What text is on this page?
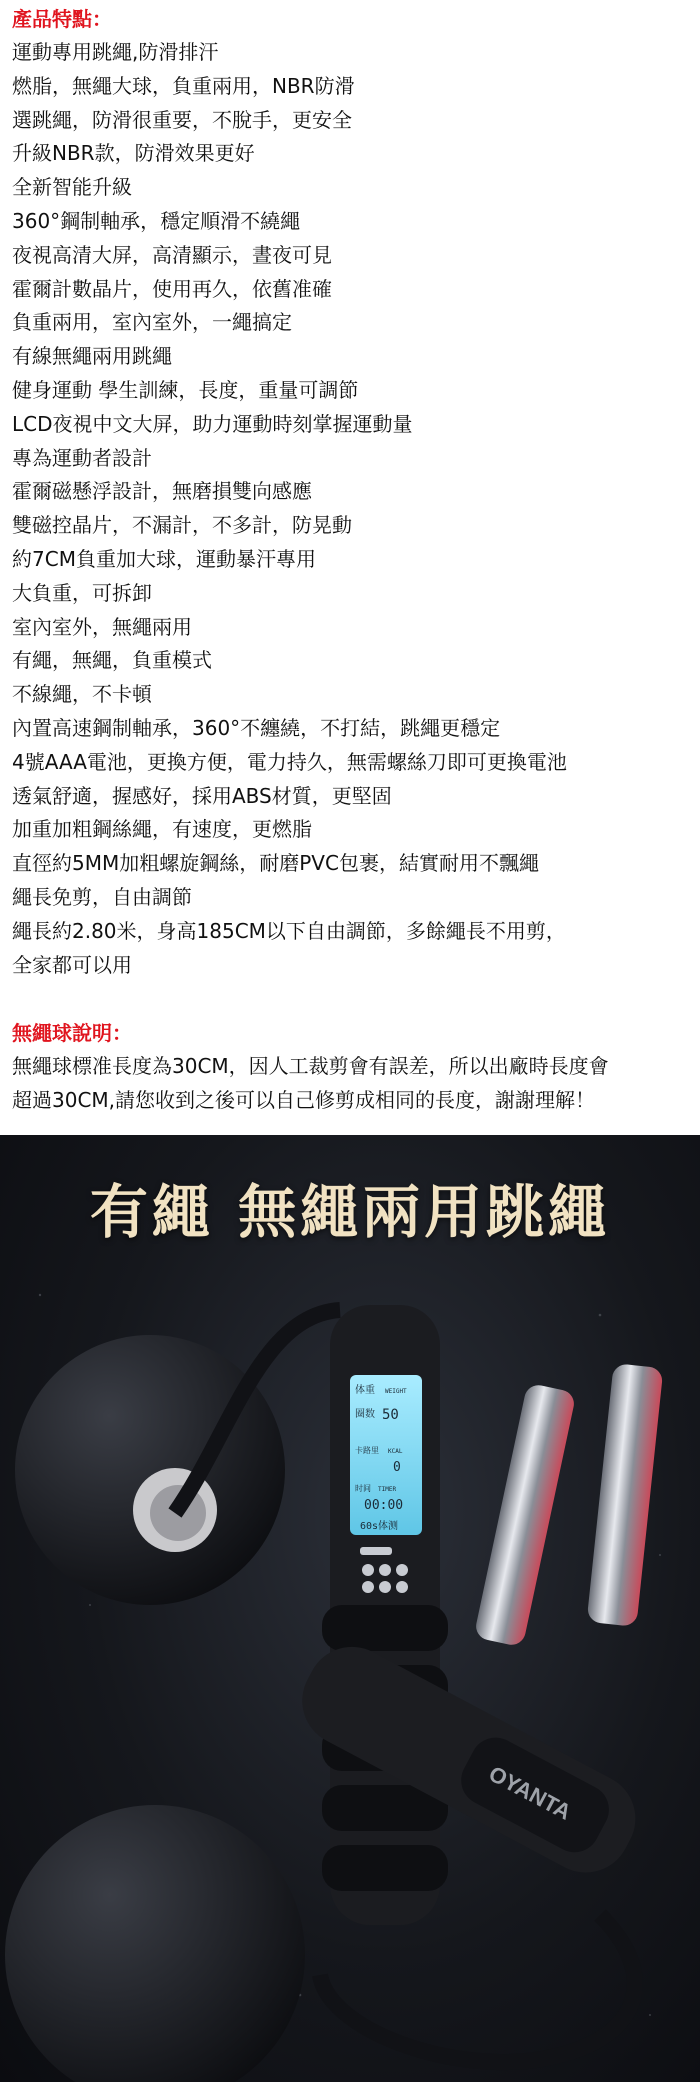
產品特點：
運動專用跳繩,防滑排汗
燃脂，無繩大球，負重兩用，NBR防滑
選跳繩，防滑很重要，不脫手，更安全
升級NBR款，防滑效果更好
全新智能升級
360°鋼制軸承，穩定順滑不繞繩
夜視高清大屏，高清顯示，晝夜可見
霍爾計數晶片，使用再久，依舊准確
負重兩用，室內室外，一繩搞定
有線無繩兩用跳繩
健身運動 學生訓練，長度，重量可調節
LCD夜視中文大屏，助力運動時刻掌握運動量
專為運動者設計
霍爾磁懸浮設計，無磨損雙向感應
雙磁控晶片，不漏計，不多計，防晃動
約7CM負重加大球，運動暴汗專用
大負重，可拆卸
室內室外，無繩兩用
有繩，無繩，負重模式
不線繩，不卡頓
內置高速鋼制軸承，360°不纏繞，不打結，跳繩更穩定
4號AAA電池，更換方便，電力持久，無需螺絲刀即可更換電池
透氣舒適，握感好，採用ABS材質，更堅固
加重加粗鋼絲繩，有速度，更燃脂
直徑約5MM加粗螺旋鋼絲，耐磨PVC包裹，結實耐用不飄繩
繩長免剪，自由調節
繩長約2.80米，身高185CM以下自由調節，多餘繩長不用剪，
全家都可以用
無繩球說明：
無繩球標准長度為30CM，因人工裁剪會有誤差，所以出廠時長度會
超過30CM,請您收到之後可以自己修剪成相同的長度，謝謝理解！
体重 WEIGHT
圈数 50
卡路里 KCAL
0
时间 TIMER
00:00
60s体测
OYANTA
有繩 無繩兩用跳繩
